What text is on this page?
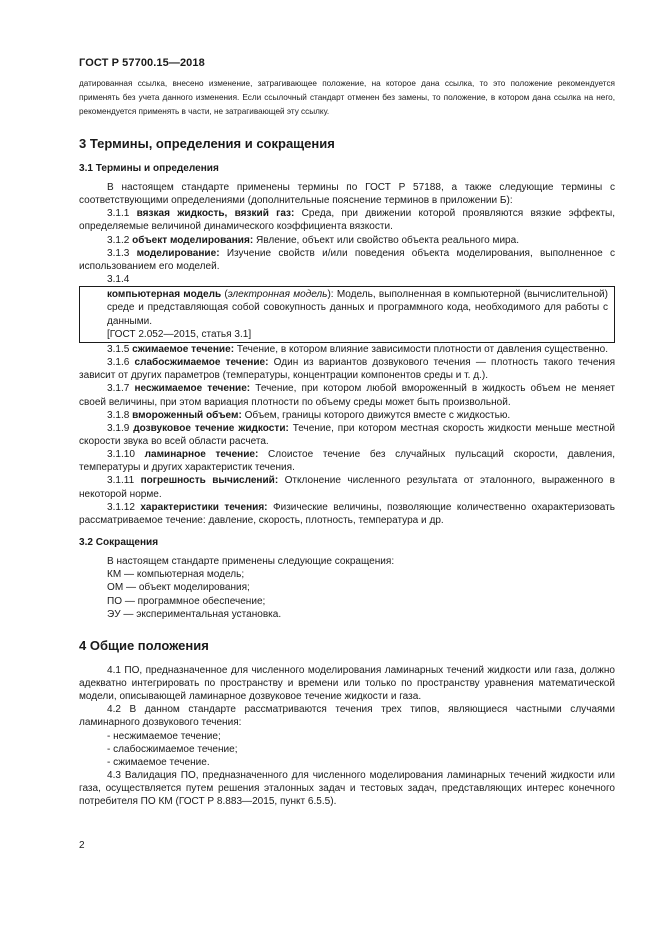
ГОСТ Р 57700.15—2018

датированная ссылка, внесено изменение, затрагивающее положение, на которое дана ссылка, то это положение рекомендуется применять без учета данного изменения. Если ссылочный стандарт отменен без замены, то положение, в котором дана ссылка на него, рекомендуется применять в части, не затрагивающей эту ссылку.

3 Термины, определения и сокращения
3.1 Термины и определения

В настоящем стандарте применены термины по ГОСТ Р 57188, а также следующие термины с соответствующими определениями (дополнительные пояснение терминов в приложении Б):

3.1.1 вязкая жидкость, вязкий газ: Среда, при движении которой проявляются вязкие эффекты, определяемые величиной динамического коэффициента вязкости.

3.1.2 объект моделирования: Явление, объект или свойство объекта реального мира.

3.1.3 моделирование: Изучение свойств и/или поведения объекта моделирования, выполненное с использованием его моделей.

3.1.4

компьютерная модель (электронная модель): Модель, выполненная в компьютерной (вычислительной) среде и представляющая собой совокупность данных и программного кода, необходимого для работы с данными.

[ГОСТ 2.052—2015, статья 3.1]

3.1.5 сжимаемое течение: Течение, в котором влияние зависимости плотности от давления существенно.

3.1.6 слабосжимаемое течение: Один из вариантов дозвукового течения — плотность такого течения зависит от других параметров (температуры, концентрации компонентов среды и т. д.).

3.1.7 несжимаемое течение: Течение, при котором любой вмороженный в жидкость объем не меняет своей величины, при этом вариация плотности по объему среды может быть произвольной.

3.1.8 вмороженный объем: Объем, границы которого движутся вместе с жидкостью.

3.1.9 дозвуковое течение жидкости: Течение, при котором местная скорость жидкости меньше местной скорости звука во всей области расчета.

3.1.10 ламинарное течение: Слоистое течение без случайных пульсаций скорости, давления, температуры и других характеристик течения.

3.1.11 погрешность вычислений: Отклонение численного результата от эталонного, выраженного в некоторой норме.

3.1.12 характеристики течения: Физические величины, позволяющие количественно охарактеризовать рассматриваемое течение: давление, скорость, плотность, температура и др.

3.2 Сокращения

В настоящем стандарте применены следующие сокращения:

КМ — компьютерная модель;
ОМ — объект моделирования;
ПО — программное обеспечение;
ЭУ — экспериментальная установка.
4 Общие положения

4.1 ПО, предназначенное для численного моделирования ламинарных течений жидкости или газа, должно адекватно интегрировать по пространству и времени или только по пространству уравнения математической модели, описывающей ламинарное дозвуковое течение жидкости и газа.

4.2 В данном стандарте рассматриваются течения трех типов, являющиеся частными случаями ламинарного дозвукового течения:

- несжимаемое течение;
- слабосжимаемое течение;
- сжимаемое течение.

4.3 Валидация ПО, предназначенного для численного моделирования ламинарных течений жидкости или газа, осуществляется путем решения эталонных задач и тестовых задач, представляющих интерес конечного потребителя ПО КМ (ГОСТ Р 8.883—2015, пункт 6.5.5).

2
